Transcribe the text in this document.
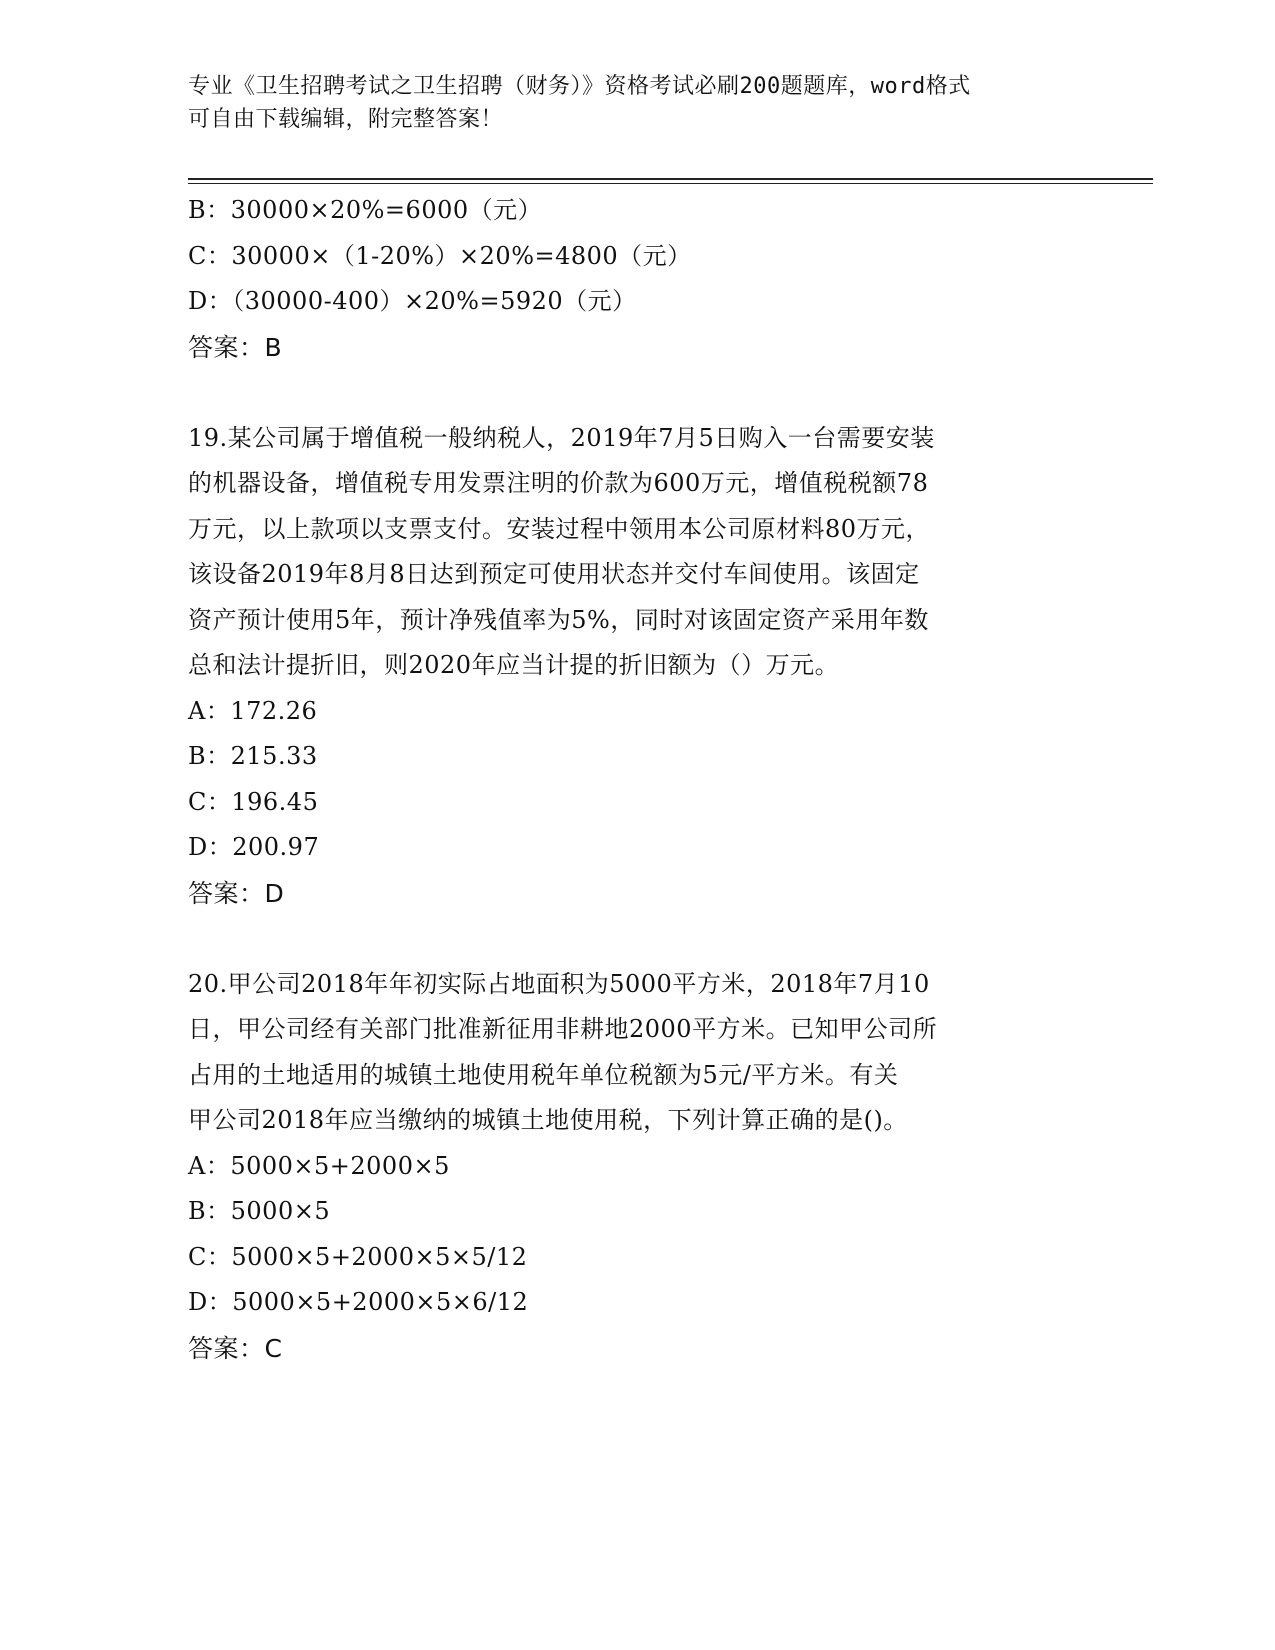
专业《卫生招聘考试之卫生招聘（财务）》资格考试必刷200题题库，word格式
可自由下载编辑，附完整答案！
B：30000×20%=6000（元）
C：30000×（1-20%）×20%=4800（元）
D：（30000-400）×20%=5920（元）
答案：B
19.某公司属于增值税一般纳税人，2019年7月5日购入一台需要安装
的机器设备，增值税专用发票注明的价款为600万元，增值税税额78
万元，以上款项以支票支付。安装过程中领用本公司原材料80万元，
该设备2019年8月8日达到预定可使用状态并交付车间使用。该固定
资产预计使用5年，预计净残值率为5%，同时对该固定资产采用年数
总和法计提折旧，则2020年应当计提的折旧额为（）万元。
A：172.26
B：215.33
C：196.45
D：200.97
答案：D
20.甲公司2018年年初实际占地面积为5000平方米，2018年7月10
日，甲公司经有关部门批准新征用非耕地2000平方米。已知甲公司所
占用的土地适用的城镇土地使用税年单位税额为5元/平方米。有关
甲公司2018年应当缴纳的城镇土地使用税，下列计算正确的是()。
A：5000×5+2000×5
B：5000×5
C：5000×5+2000×5×5/12
D：5000×5+2000×5×6/12
答案：C
